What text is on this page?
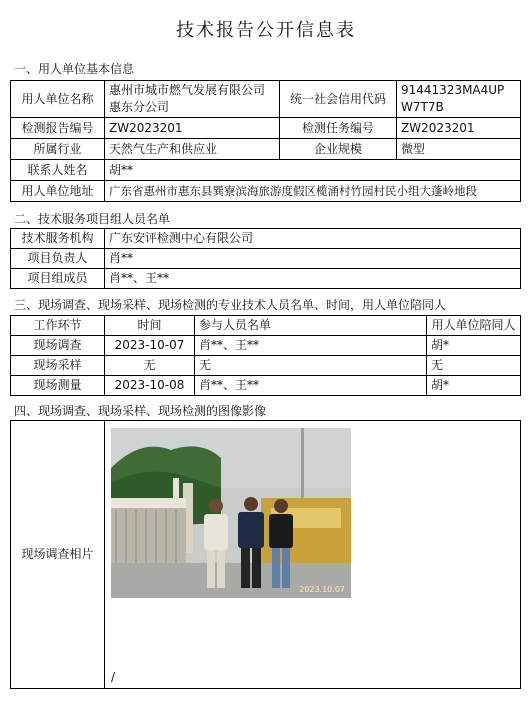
技术报告公开信息表
一、用人单位基本信息
用人单位名称	惠州市城市燃气发展有限公司惠东分公司	统一社会信用代码	91441323MA4UPW7T7B
检测报告编号	ZW2023201	检测任务编号	ZW2023201
所属行业	天然气生产和供应业	企业规模	微型
联系人姓名	胡**		
用人单位地址	广东省惠州市惠东县巽寮滨海旅游度假区榄涌村竹园村民小组大蓬岭地段		
二、技术服务项目组人员名单
技术服务机构	广东安评检测中心有限公司
项目负责人	肖**
项目组成员	肖**、王**
三、现场调查、现场采样、现场检测的专业技术人员名单、时间，用人单位陪同人
工作环节	时间	参与人员名单	用人单位陪同人
现场调查	2023-10-07	肖**、王**	胡*
现场采样	无	无	无
现场测量	2023-10-08	肖**、王**	胡*
四、现场调查、现场采样、现场检测的图像影像
现场调查相片	/
2023.10.07
